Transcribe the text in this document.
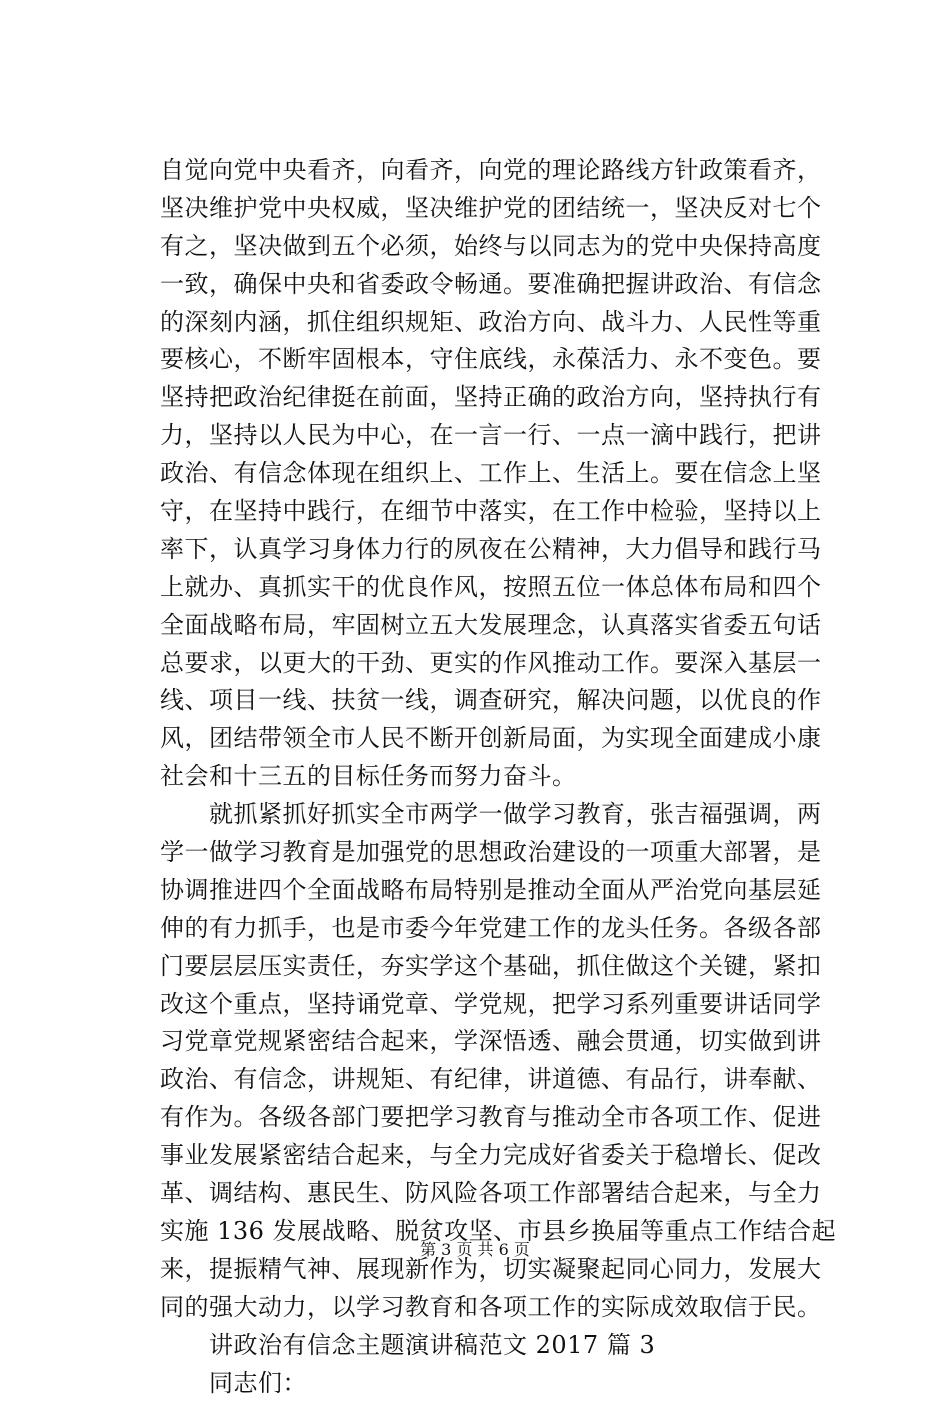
自觉向党中央看齐，向看齐，向党的理论路线方针政策看齐，
坚决维护党中央权威，坚决维护党的团结统一，坚决反对七个
有之，坚决做到五个必须，始终与以同志为的党中央保持高度
一致，确保中央和省委政令畅通。要准确把握讲政治、有信念
的深刻内涵，抓住组织规矩、政治方向、战斗力、人民性等重
要核心，不断牢固根本，守住底线，永葆活力、永不变色。要
坚持把政治纪律挺在前面，坚持正确的政治方向，坚持执行有
力，坚持以人民为中心，在一言一行、一点一滴中践行，把讲
政治、有信念体现在组织上、工作上、生活上。要在信念上坚
守，在坚持中践行，在细节中落实，在工作中检验，坚持以上
率下，认真学习身体力行的夙夜在公精神，大力倡导和践行马
上就办、真抓实干的优良作风，按照五位一体总体布局和四个
全面战略布局，牢固树立五大发展理念，认真落实省委五句话
总要求，以更大的干劲、更实的作风推动工作。要深入基层一
线、项目一线、扶贫一线，调查研究，解决问题，以优良的作
风，团结带领全市人民不断开创新局面，为实现全面建成小康
社会和十三五的目标任务而努力奋斗。
　　就抓紧抓好抓实全市两学一做学习教育，张吉福强调，两
学一做学习教育是加强党的思想政治建设的一项重大部署，是
协调推进四个全面战略布局特别是推动全面从严治党向基层延
伸的有力抓手，也是市委今年党建工作的龙头任务。各级各部
门要层层压实责任，夯实学这个基础，抓住做这个关键，紧扣
改这个重点，坚持诵党章、学党规，把学习系列重要讲话同学
习党章党规紧密结合起来，学深悟透、融会贯通，切实做到讲
政治、有信念，讲规矩、有纪律，讲道德、有品行，讲奉献、
有作为。各级各部门要把学习教育与推动全市各项工作、促进
事业发展紧密结合起来，与全力完成好省委关于稳增长、促改
革、调结构、惠民生、防风险各项工作部署结合起来，与全力
实施 136 发展战略、脱贫攻坚、市县乡换届等重点工作结合起
来，提振精气神、展现新作为，切实凝聚起同心同力，发展大
同的强大动力，以学习教育和各项工作的实际成效取信于民。
　　讲政治有信念主题演讲稿范文 2017 篇 3
　　同志们：
第 3 页 共 6 页
